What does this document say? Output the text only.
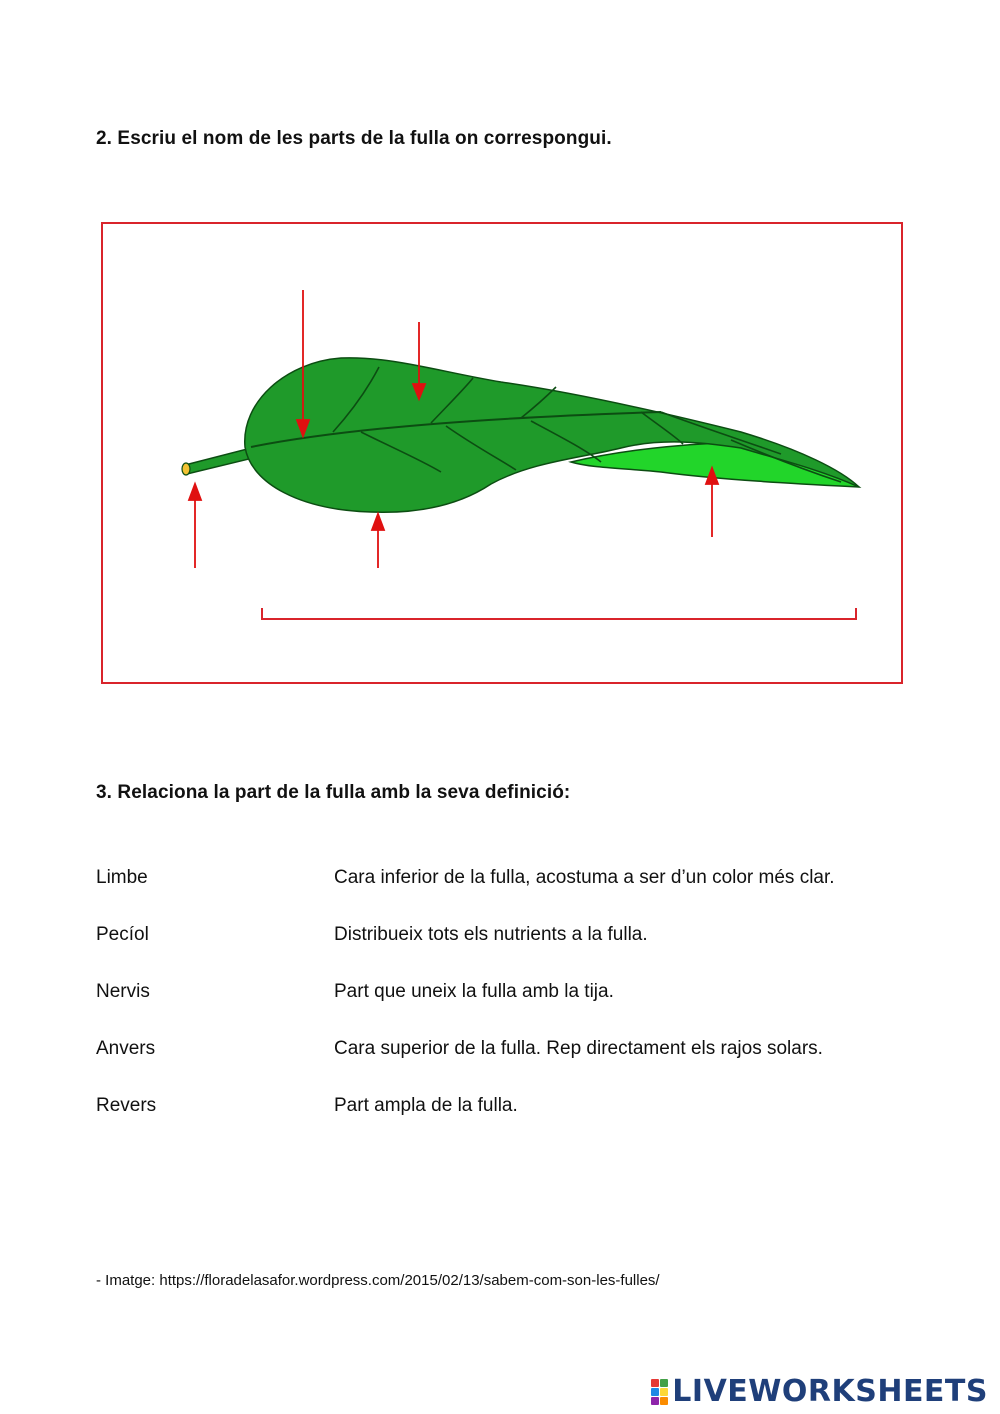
2. Escriu el nom de les parts de la fulla on correspongui.
3. Relaciona la part de la fulla amb la seva definició:
Limbe	Cara inferior de la fulla, acostuma a ser d’un color més clar.
Pecíol	Distribueix tots els nutrients a la fulla.
Nervis	Part que uneix la fulla amb la tija.
Anvers	Cara superior de la fulla. Rep directament els rajos solars.
Revers	Part ampla de la fulla.
- Imatge: https://floradelasafor.wordpress.com/2015/02/13/sabem-com-son-les-fulles/
LIVEWORKSHEETS
